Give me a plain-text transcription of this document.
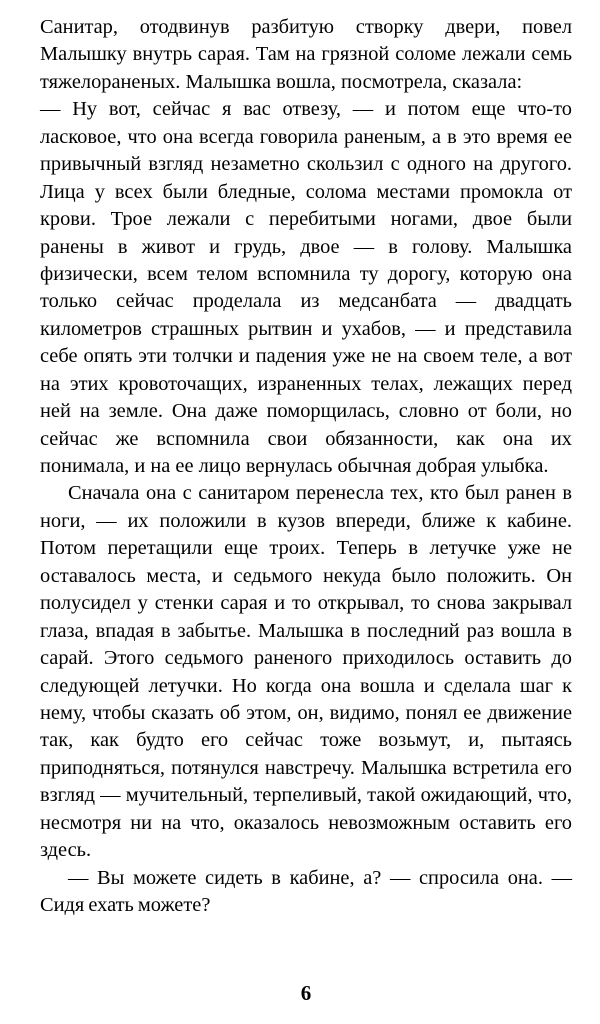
Санитар, отодвинув разбитую створку двери, повел Малышку внутрь сарая. Там на грязной соломе лежали семь тяжелораненых. Малышка вошла, посмотрела, сказала:

— Ну вот, сейчас я вас отвезу, — и потом еще что-то ласковое, что она всегда говорила раненым, а в это время ее привычный взгляд незаметно скользил с одного на другого. Лица у всех были бледные, солома местами промокла от крови. Трое лежали с перебитыми ногами, двое были ранены в живот и грудь, двое — в голову. Малышка физически, всем телом вспомнила ту дорогу, которую она только сейчас проделала из медсанбата — двадцать километров страшных рытвин и ухабов, — и представила себе опять эти толчки и падения уже не на своем теле, а вот на этих кровоточащих, израненных телах, лежащих перед ней на земле. Она даже поморщилась, словно от боли, но сейчас же вспомнила свои обязанности, как она их понимала, и на ее лицо вернулась обычная добрая улыбка.

Сначала она с санитаром перенесла тех, кто был ранен в ноги, — их положили в кузов впереди, ближе к кабине. Потом перетащили еще троих. Теперь в летучке уже не оставалось места, и седьмого некуда было положить. Он полусидел у стенки сарая и то открывал, то снова закрывал глаза, впадая в забытье. Малышка в последний раз вошла в сарай. Этого седьмого раненого приходилось оставить до следующей летучки. Но когда она вошла и сделала шаг к нему, чтобы сказать об этом, он, видимо, понял ее движение так, как будто его сейчас тоже возьмут, и, пытаясь приподняться, потянулся навстречу. Малышка встретила его взгляд — мучительный, терпеливый, такой ожидающий, что, несмотря ни на что, оказалось невозможным оставить его здесь.

— Вы можете сидеть в кабине, а? — спросила она. — Сидя ехать можете?

6
